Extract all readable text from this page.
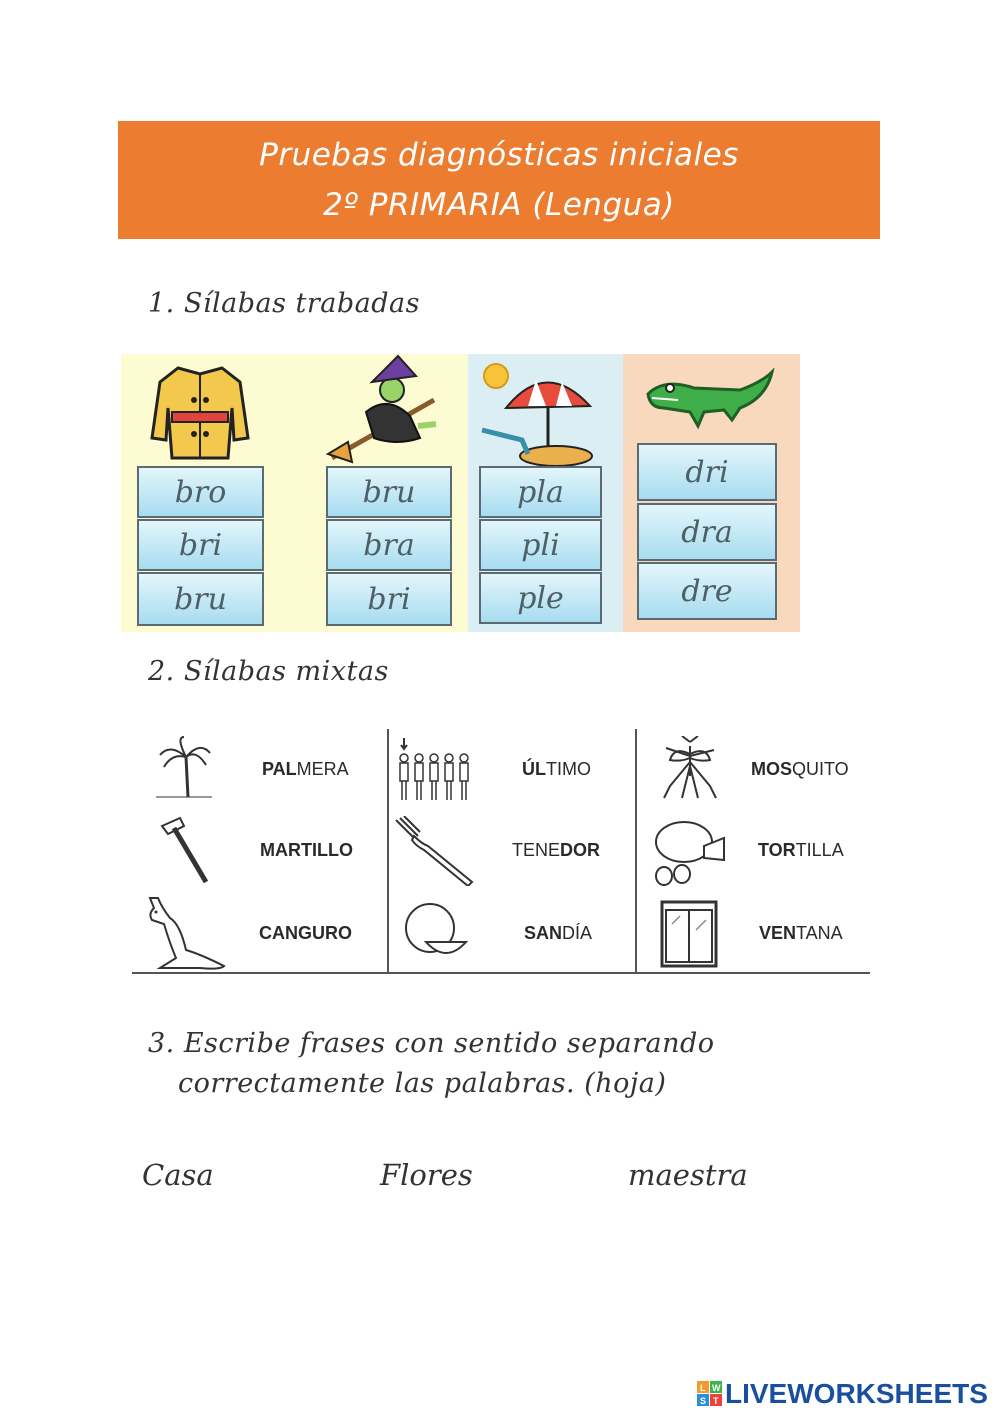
Pruebas diagnósticas iniciales
2º PRIMARIA (Lengua)
1. Sílabas trabadas
bro
bri
bru
bru
bra
bri
pla
pli
ple
dri
dra
dre
2. Sílabas mixtas
PALMERA
MARTILLO
CANGURO
ÚLTIMO
TENEDOR
SANDÍA
MOSQUITO
TORTILLA
VENTANA
3. Escribe frases con sentido separando
correctamente las palabras. (hoja)
Casa	Flores	maestra
L W
S T LIVEWORKSHEETS
